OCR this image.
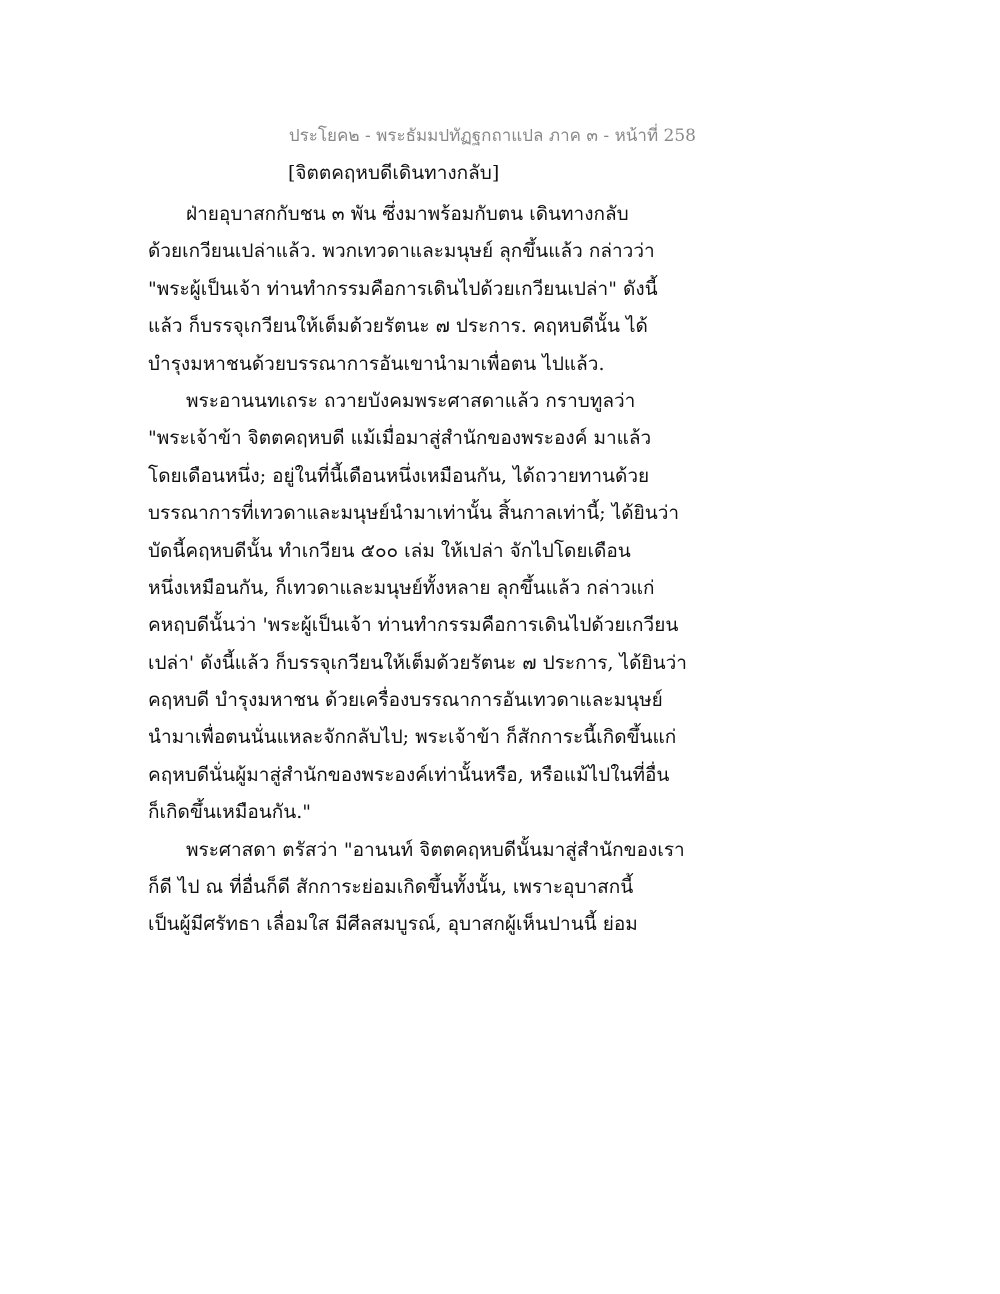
ประโยค๒ - พระธัมมปทัฏฐกถาแปล ภาค ๓ - หน้าที่ 258
[จิตตคฤหบดีเดินทางกลับ]
ฝ่ายอุบาสกกับชน ๓ พัน ซึ่งมาพร้อมกับตน เดินทางกลับ
ด้วยเกวียนเปล่าแล้ว. พวกเทวดาและมนุษย์ ลุกขึ้นแล้ว กล่าวว่า
"พระผู้เป็นเจ้า ท่านทำกรรมคือการเดินไปด้วยเกวียนเปล่า" ดังนี้
แล้ว ก็บรรจุเกวียนให้เต็มด้วยรัตนะ ๗ ประการ. คฤหบดีนั้น ได้
บำรุงมหาชนด้วยบรรณาการอันเขานำมาเพื่อตน ไปแล้ว.
พระอานนทเถระ ถวายบังคมพระศาสดาแล้ว กราบทูลว่า
"พระเจ้าข้า จิตตคฤหบดี แม้เมื่อมาสู่สำนักของพระองค์ มาแล้ว
โดยเดือนหนึ่ง; อยู่ในที่นี้เดือนหนึ่งเหมือนกัน, ได้ถวายทานด้วย
บรรณาการที่เทวดาและมนุษย์นำมาเท่านั้น สิ้นกาลเท่านี้; ได้ยินว่า
บัดนี้คฤหบดีนั้น ทำเกวียน ๕๐๐ เล่ม ให้เปล่า จักไปโดยเดือน
หนึ่งเหมือนกัน, ก็เทวดาและมนุษย์ทั้งหลาย ลุกขึ้นแล้ว กล่าวแก่
คหฤบดีนั้นว่า 'พระผู้เป็นเจ้า ท่านทำกรรมคือการเดินไปด้วยเกวียน
เปล่า' ดังนี้แล้ว ก็บรรจุเกวียนให้เต็มด้วยรัตนะ ๗ ประการ, ได้ยินว่า
คฤหบดี บำรุงมหาชน ด้วยเครื่องบรรณาการอันเทวดาและมนุษย์
นำมาเพื่อตนนั่นแหละจักกลับไป; พระเจ้าข้า ก็สักการะนี้เกิดขึ้นแก่
คฤหบดีนั่นผู้มาสู่สำนักของพระองค์เท่านั้นหรือ, หรือแม้ไปในที่อื่น
ก็เกิดขึ้นเหมือนกัน."
พระศาสดา ตรัสว่า "อานนท์ จิตตคฤหบดีนั้นมาสู่สำนักของเรา
ก็ดี ไป ณ ที่อื่นก็ดี สักการะย่อมเกิดขึ้นทั้งนั้น, เพราะอุบาสกนี้
เป็นผู้มีศรัทธา เลื่อมใส มีศีลสมบูรณ์, อุบาสกผู้เห็นปานนี้ ย่อม
